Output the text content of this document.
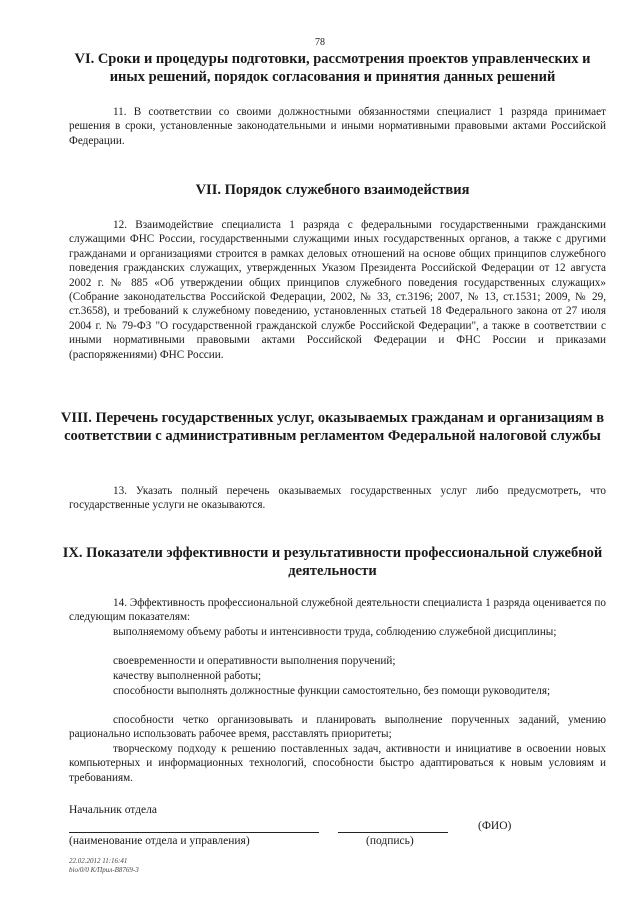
78
VI. Сроки и процедуры подготовки, рассмотрения проектов управленческих и иных решений, порядок согласования и принятия данных решений

11. В соответствии со своими должностными обязанностями специалист 1 разряда принимает решения в сроки, установленные законодательными и иными нормативными правовыми актами Российской Федерации.

VII. Порядок служебного взаимодействия

12. Взаимодействие специалиста 1 разряда с федеральными государственными гражданскими служащими ФНС России, государственными служащими иных государственных органов, а также с другими гражданами и организациями строится в рамках деловых отношений на основе общих принципов служебного поведения гражданских служащих, утвержденных Указом Президента Российской Федерации от 12 августа 2002 г. № 885 «Об утверждении общих принципов служебного поведения государственных служащих» (Собрание законодательства Российской Федерации, 2002, № 33, ст.3196; 2007, № 13, ст.1531; 2009, № 29, ст.3658), и требований к служебному поведению, установленных статьей 18 Федерального закона от 27 июля 2004 г. № 79-ФЗ "О государственной гражданской службе Российской Федерации", а также в соответствии с иными нормативными правовыми актами Российской Федерации и ФНС России и приказами (распоряжениями) ФНС России.

VIII. Перечень государственных услуг, оказываемых гражданам и организациям в соответствии с административным регламентом Федеральной налоговой службы

13. Указать полный перечень оказываемых государственных услуг либо предусмотреть, что государственные услуги не оказываются.

IX. Показатели эффективности и результативности профессиональной служебной деятельности

14. Эффективность профессиональной служебной деятельности специалиста 1 разряда оценивается по следующим показателям:

выполняемому объему работы и интенсивности труда, соблюдению служебной дисциплины;

своевременности и оперативности выполнения поручений;

качеству выполненной работы;

способности выполнять должностные функции самостоятельно, без помощи руководителя;

способности четко организовывать и планировать выполнение порученных заданий, умению рационально использовать рабочее время, расставлять приоритеты;

творческому подходу к решению поставленных задач, активности и инициативе в освоении новых компьютерных и информационных технологий, способности быстро адаптироваться к новым условиям и требованиям.

Начальник отдела
(ФИО)
(наименование отдела и управления)	(подпись)
22.02.2012 11:16:41
bio/0/0 К/Прил-В8769-3
